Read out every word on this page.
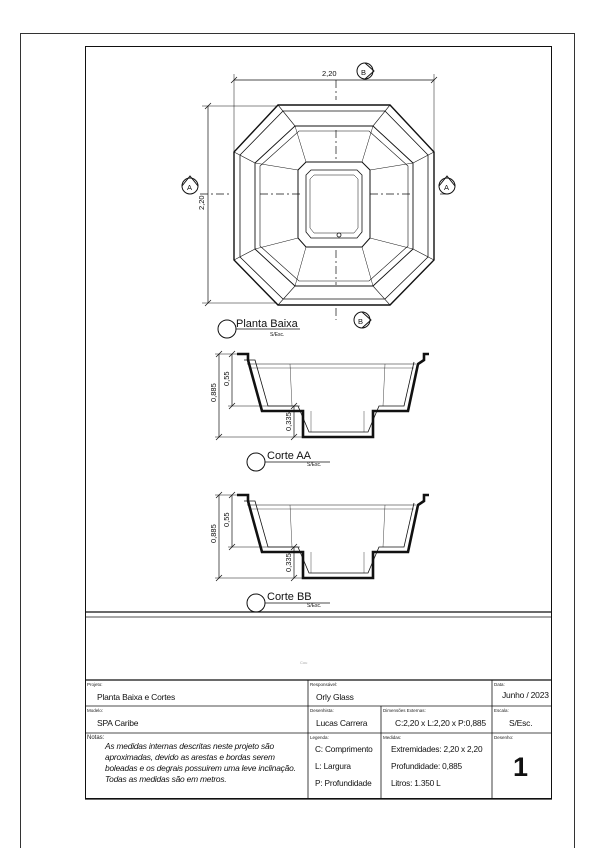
2,20
2,20
A	A
B
B
Planta Baixa
S/Esc.
0,885
0,55
0,335
Corte AA
S/Esc.
0,885
0,55
0,335
Corte BB
S/Esc.
Cou
Projeto:
Planta Baixa e Cortes
Responsável:
Orly Glass
Data:
Junho / 2023
Modelo:
SPA Caribe
Desenhista:
Lucas Carrera
Dimensões Externas:
C:2,20 x L:2,20 x P:0,885
Escala:
S/Esc.
Notas:
As medidas internas descritas neste projeto são
aproximadas, devido as arestas e bordas serem
boleadas e os degrais possuirem uma leve inclinação.
Todas as medidas são em metros.
Legenda:
C: Comprimento
L: Largura
P: Profundidade
Medidas:
Extremidades: 2,20 x 2,20
Profundidade: 0,885
Litros: 1.350 L
Desenho:
1
